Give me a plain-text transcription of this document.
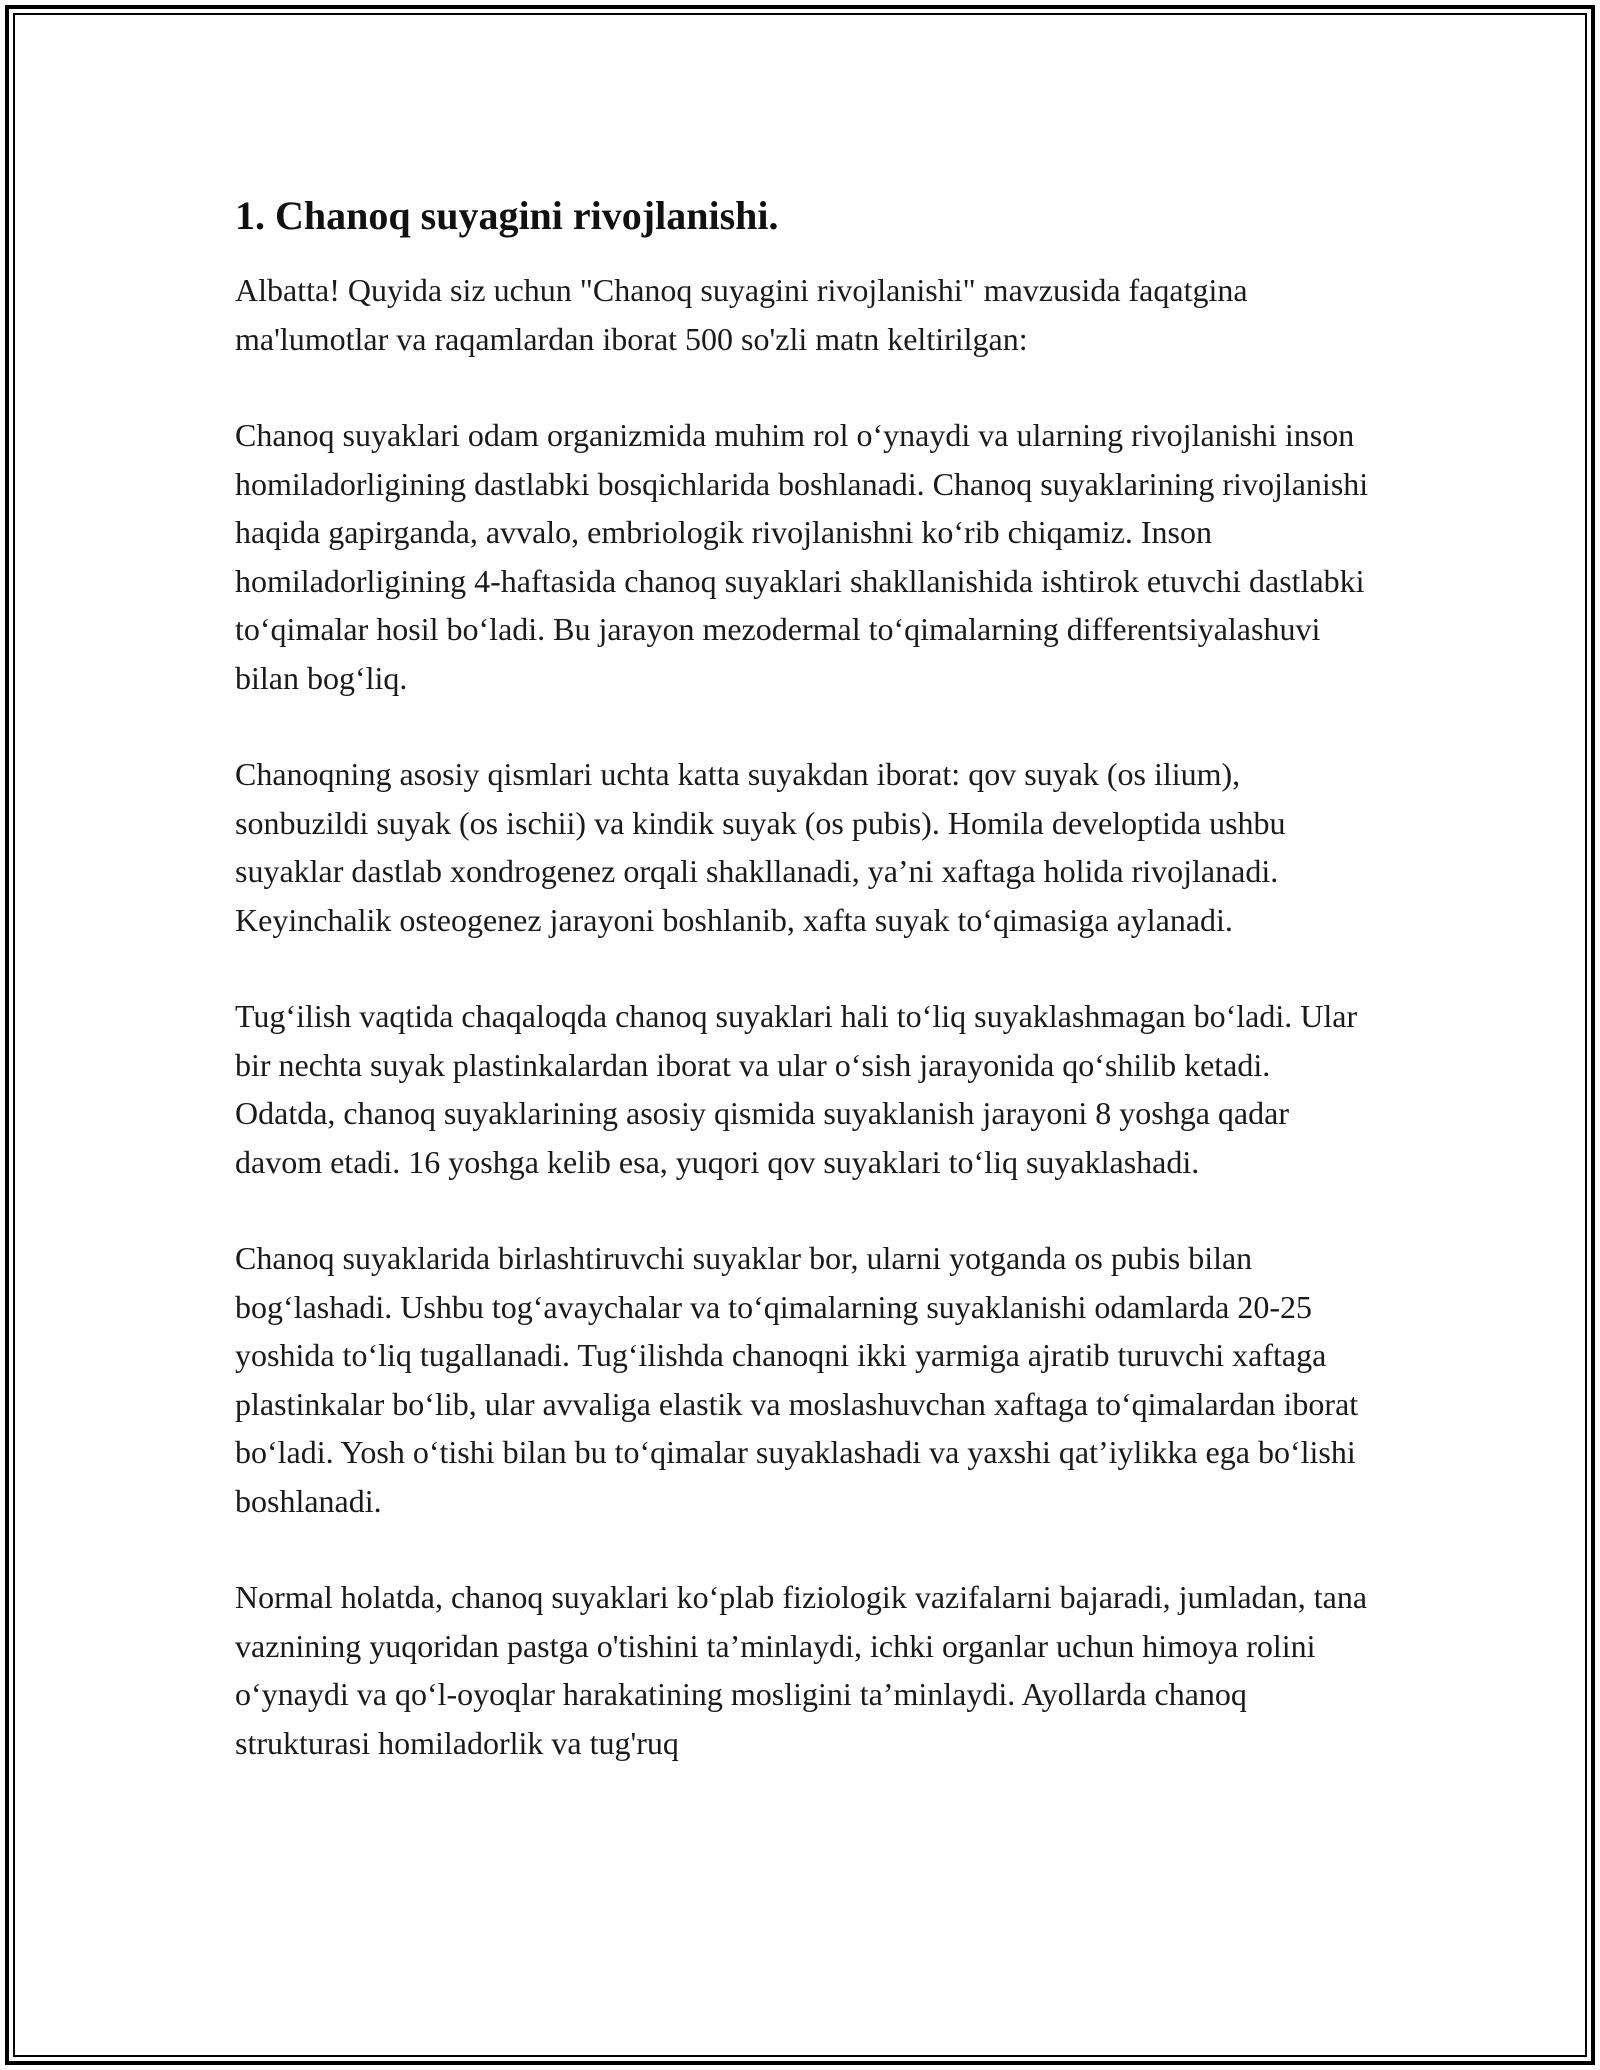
1. Chanoq suyagini rivojlanishi.

Albatta! Quyida siz uchun "Chanoq suyagini rivojlanishi" mavzusida faqatgina ma'lumotlar va raqamlardan iborat 500 so'zli matn keltirilgan:

Chanoq suyaklari odam organizmida muhim rol o‘ynaydi va ularning rivojlanishi inson homiladorligining dastlabki bosqichlarida boshlanadi. Chanoq suyaklarining rivojlanishi haqida gapirganda, avvalo, embriologik rivojlanishni ko‘rib chiqamiz. Inson homiladorligining 4-haftasida chanoq suyaklari shakllanishida ishtirok etuvchi dastlabki to‘qimalar hosil bo‘ladi. Bu jarayon mezodermal to‘qimalarning differentsiyalashuvi bilan bog‘liq.

Chanoqning asosiy qismlari uchta katta suyakdan iborat: qov suyak (os ilium), sonbuzildi suyak (os ischii) va kindik suyak (os pubis). Homila developtida ushbu suyaklar dastlab xondrogenez orqali shakllanadi, ya’ni xaftaga holida rivojlanadi. Keyinchalik osteogenez jarayoni boshlanib, xafta suyak to‘qimasiga aylanadi.

Tug‘ilish vaqtida chaqaloqda chanoq suyaklari hali to‘liq suyaklashmagan bo‘ladi. Ular bir nechta suyak plastinkalardan iborat va ular o‘sish jarayonida qo‘shilib ketadi. Odatda, chanoq suyaklarining asosiy qismida suyaklanish jarayoni 8 yoshga qadar davom etadi. 16 yoshga kelib esa, yuqori qov suyaklari to‘liq suyaklashadi.

Chanoq suyaklarida birlashtiruvchi suyaklar bor, ularni yotganda os pubis bilan bog‘lashadi. Ushbu tog‘avaychalar va to‘qimalarning suyaklanishi odamlarda 20-25 yoshida to‘liq tugallanadi. Tug‘ilishda chanoqni ikki yarmiga ajratib turuvchi xaftaga plastinkalar bo‘lib, ular avvaliga elastik va moslashuvchan xaftaga to‘qimalardan iborat bo‘ladi. Yosh o‘tishi bilan bu to‘qimalar suyaklashadi va yaxshi qat’iylikka ega bo‘lishi boshlanadi.

Normal holatda, chanoq suyaklari ko‘plab fiziologik vazifalarni bajaradi, jumladan, tana vaznining yuqoridan pastga o'tishini ta’minlaydi, ichki organlar uchun himoya rolini o‘ynaydi va qo‘l-oyoqlar harakatining mosligini ta’minlaydi. Ayollarda chanoq strukturasi homiladorlik va tug'ruq
